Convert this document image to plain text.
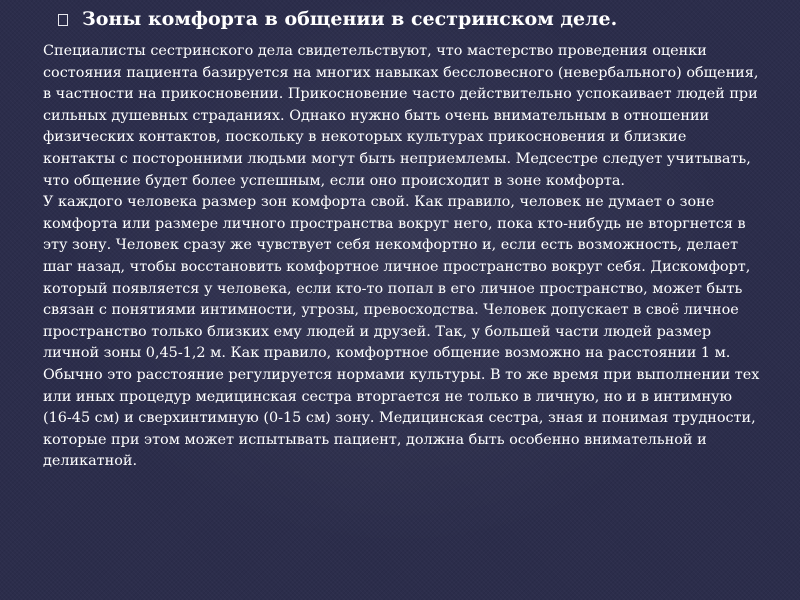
Зоны комфорта в общении в сестринском деле.
Специалисты сестринского дела свидетельствуют, что мастерство проведения оценки состояния пациента базируется на многих навыках бессловесного (невербального) общения, в частности на прикосновении. Прикосновение часто действительно успокаивает людей при сильных душевных страданиях. Однако нужно быть очень внимательным в отношении физических контактов, поскольку в некоторых культурах прикосновения и близкие контакты с посторонними людьми могут быть неприемлемы. Медсестре следует учитывать, что общение будет более успешным, если оно происходит в зоне комфорта.
У каждого человека размер зон комфорта свой. Как правило, человек не думает о зоне комфорта или размере личного пространства вокруг него, пока кто-нибудь не вторгнется в эту зону. Человек сразу же чувствует себя некомфортно и, если есть возможность, делает шаг назад, чтобы восстановить комфортное личное пространство вокруг себя. Дискомфорт, который появляется у человека, если кто-то попал в его личное пространство, может быть связан с понятиями интимности, угрозы, превосходства. Человек допускает в своё личное пространство только близких ему людей и друзей. Так, у большей части людей размер личной зоны 0,45-1,2 м. Как правило, комфортное общение возможно на расстоянии 1 м. Обычно это расстояние регулируется нормами культуры. В то же время при выполнении тех или иных процедур медицинская сестра вторгается не только в личную, но и в интимную (16-45 см) и сверхинтимную (0-15 см) зону. Медицинская сестра, зная и понимая трудности, которые при этом может испытывать пациент, должна быть особенно внимательной и деликатной.
